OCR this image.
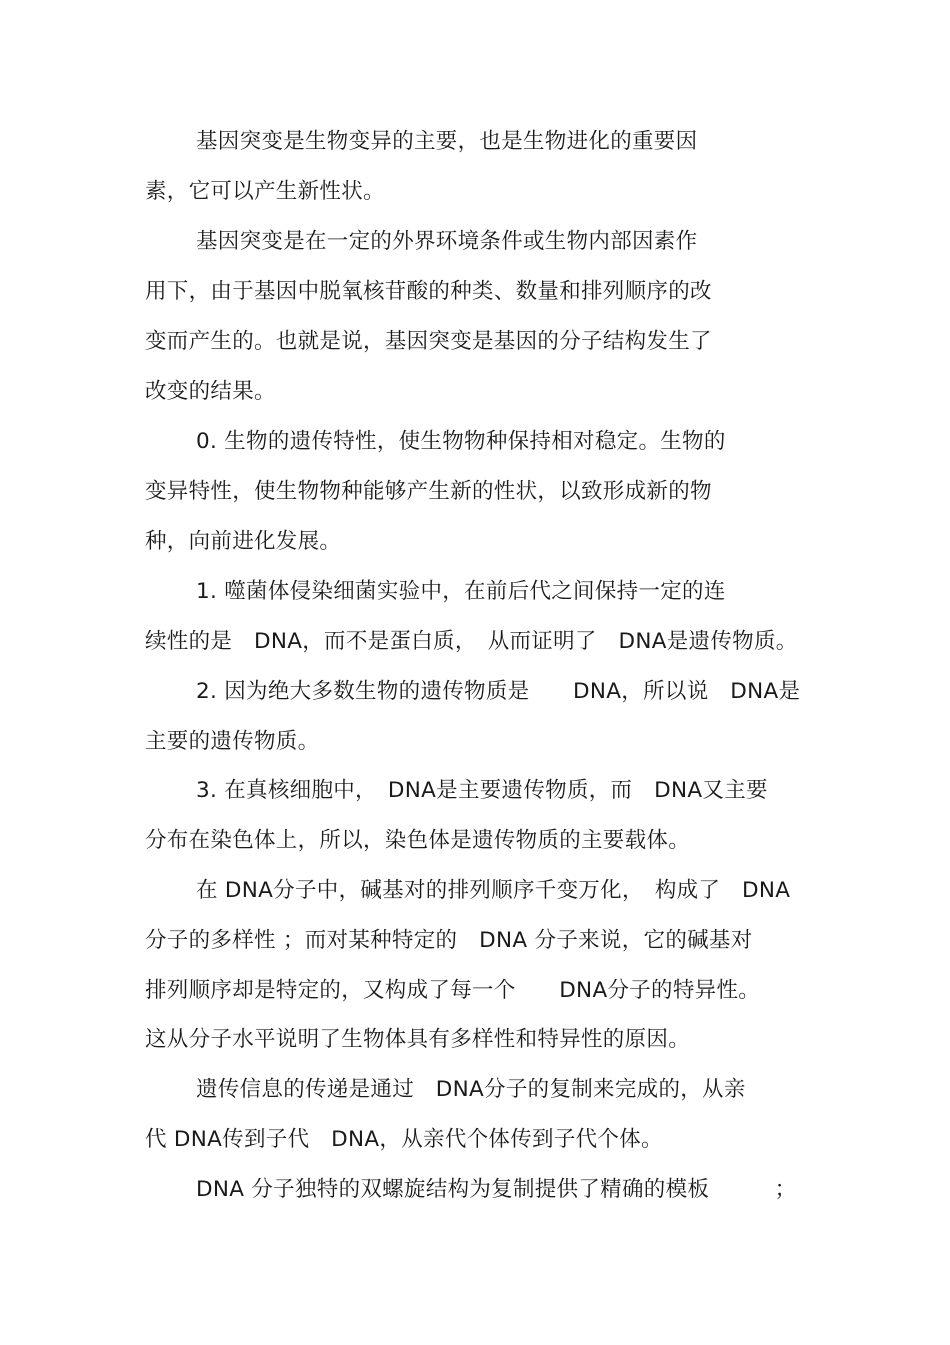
基因突变是生物变异的主要，也是生物进化的重要因
素，它可以产生新性状。
基因突变是在一定的外界环境条件或生物内部因素作
用下，由于基因中脱氧核苷酸的种类、数量和排列顺序的改
变而产生的。也就是说，基因突变是基因的分子结构发生了
改变的结果。
0. 生物的遗传特性，使生物物种保持相对稳定。生物的
变异特性，使生物物种能够产生新的性状，以致形成新的物
种，向前进化发展。
1. 噬菌体侵染细菌实验中，在前后代之间保持一定的连
续性的是　DNA，而不是蛋白质，　从而证明了　DNA是遗传物质。
2. 因为绝大多数生物的遗传物质是　　DNA，所以说　DNA是
主要的遗传物质。
3. 在真核细胞中，　DNA是主要遗传物质，而　DNA又主要
分布在染色体上，所以，染色体是遗传物质的主要载体。
在 DNA分子中，碱基对的排列顺序千变万化，　构成了　DNA
分子的多样性 ；而对某种特定的　DNA 分子来说，它的碱基对
排列顺序却是特定的，又构成了每一个　　DNA分子的特异性。
这从分子水平说明了生物体具有多样性和特异性的原因。
遗传信息的传递是通过　DNA分子的复制来完成的，从亲
代 DNA传到子代　DNA，从亲代个体传到子代个体。
DNA 分子独特的双螺旋结构为复制提供了精确的模板　　　；
